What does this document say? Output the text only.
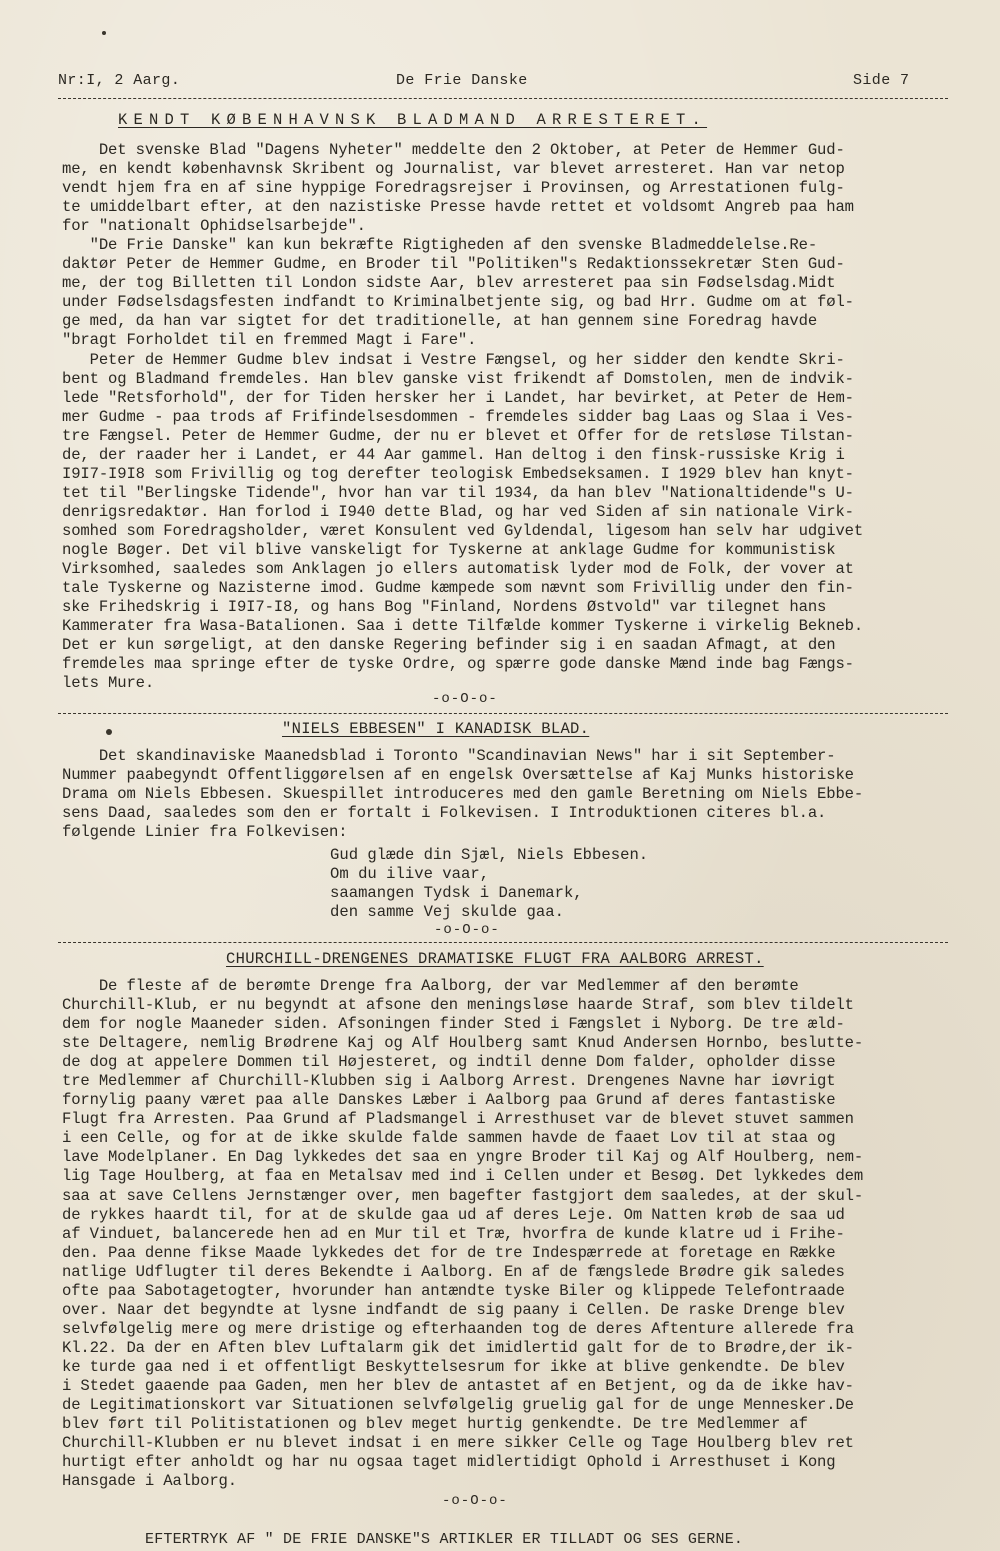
Nr:I, 2 Aarg.	De Frie Danske	Side 7
KENDT KØBENHAVNSK BLADMAND ARRESTERET.
Det svenske Blad "Dagens Nyheter" meddelte den 2 Oktober, at Peter de Hemmer Gud-
me, en kendt københavnsk Skribent og Journalist, var blevet arresteret. Han var netop
vendt hjem fra en af sine hyppige Foredragsrejser i Provinsen, og Arrestationen fulg-
te umiddelbart efter, at den nazistiske Presse havde rettet et voldsomt Angreb paa ham
for "nationalt Ophidselsarbejde".
"De Frie Danske" kan kun bekræfte Rigtigheden af den svenske Bladmeddelelse.Re-
daktør Peter de Hemmer Gudme, en Broder til "Politiken"s Redaktionssekretær Sten Gud-
me, der tog Billetten til London sidste Aar, blev arresteret paa sin Fødselsdag.Midt
under Fødselsdagsfesten indfandt to Kriminalbetjente sig, og bad Hrr. Gudme om at føl-
ge med, da han var sigtet for det traditionelle, at han gennem sine Foredrag havde
"bragt Forholdet til en fremmed Magt i Fare".
Peter de Hemmer Gudme blev indsat i Vestre Fængsel, og her sidder den kendte Skri-
bent og Bladmand fremdeles. Han blev ganske vist frikendt af Domstolen, men de indvik-
lede "Retsforhold", der for Tiden hersker her i Landet, har bevirket, at Peter de Hem-
mer Gudme - paa trods af Frifindelsesdommen - fremdeles sidder bag Laas og Slaa i Ves-
tre Fængsel. Peter de Hemmer Gudme, der nu er blevet et Offer for de retsløse Tilstan-
de, der raader her i Landet, er 44 Aar gammel. Han deltog i den finsk-russiske Krig i
I9I7-I9I8 som Frivillig og tog derefter teologisk Embedseksamen. I 1929 blev han knyt-
tet til "Berlingske Tidende", hvor han var til 1934, da han blev "Nationaltidende"s U-
denrigsredaktør. Han forlod i I940 dette Blad, og har ved Siden af sin nationale Virk-
somhed som Foredragsholder, været Konsulent ved Gyldendal, ligesom han selv har udgivet
nogle Bøger. Det vil blive vanskeligt for Tyskerne at anklage Gudme for kommunistisk
Virksomhed, saaledes som Anklagen jo ellers automatisk lyder mod de Folk, der vover at
tale Tyskerne og Nazisterne imod. Gudme kæmpede som nævnt som Frivillig under den fin-
ske Frihedskrig i I9I7-I8, og hans Bog "Finland, Nordens Østvold" var tilegnet hans
Kammerater fra Wasa-Batalionen. Saa i dette Tilfælde kommer Tyskerne i virkelig Bekneb.
Det er kun sørgeligt, at den danske Regering befinder sig i en saadan Afmagt, at den
fremdeles maa springe efter de tyske Ordre, og spærre gode danske Mænd inde bag Fængs-
lets Mure.
-o-O-o-
"NIELS EBBESEN" I KANADISK BLAD.
Det skandinaviske Maanedsblad i Toronto "Scandinavian News" har i sit September-
Nummer paabegyndt Offentliggørelsen af en engelsk Oversættelse af Kaj Munks historiske
Drama om Niels Ebbesen. Skuespillet introduceres med den gamle Beretning om Niels Ebbe-
sens Daad, saaledes som den er fortalt i Folkevisen. I Introduktionen citeres bl.a.
følgende Linier fra Folkevisen:
Gud glæde din Sjæl, Niels Ebbesen.
Om du ilive vaar,
saamangen Tydsk i Danemark,
den samme Vej skulde gaa.
-o-O-o-
CHURCHILL-DRENGENES DRAMATISKE FLUGT FRA AALBORG ARREST.
De fleste af de berømte Drenge fra Aalborg, der var Medlemmer af den berømte
Churchill-Klub, er nu begyndt at afsone den meningsløse haarde Straf, som blev tildelt
dem for nogle Maaneder siden. Afsoningen finder Sted i Fængslet i Nyborg. De tre æld-
ste Deltagere, nemlig Brødrene Kaj og Alf Houlberg samt Knud Andersen Hornbo, beslutte-
de dog at appelere Dommen til Højesteret, og indtil denne Dom falder, opholder disse
tre Medlemmer af Churchill-Klubben sig i Aalborg Arrest. Drengenes Navne har iøvrigt
fornylig paany været paa alle Danskes Læber i Aalborg paa Grund af deres fantastiske
Flugt fra Arresten. Paa Grund af Pladsmangel i Arresthuset var de blevet stuvet sammen
i een Celle, og for at de ikke skulde falde sammen havde de faaet Lov til at staa og
lave Modelplaner. En Dag lykkedes det saa en yngre Broder til Kaj og Alf Houlberg, nem-
lig Tage Houlberg, at faa en Metalsav med ind i Cellen under et Besøg. Det lykkedes dem
saa at save Cellens Jernstænger over, men bagefter fastgjort dem saaledes, at der skul-
de rykkes haardt til, for at de skulde gaa ud af deres Leje. Om Natten krøb de saa ud
af Vinduet, balancerede hen ad en Mur til et Træ, hvorfra de kunde klatre ud i Frihe-
den. Paa denne fikse Maade lykkedes det for de tre Indespærrede at foretage en Række
natlige Udflugter til deres Bekendte i Aalborg. En af de fængslede Brødre gik saledes
ofte paa Sabotagetogter, hvorunder han antændte tyske Biler og klippede Telefontraade
over. Naar det begyndte at lysne indfandt de sig paany i Cellen. De raske Drenge blev
selvfølgelig mere og mere dristige og efterhaanden tog de deres Aftenture allerede fra
Kl.22. Da der en Aften blev Luftalarm gik det imidlertid galt for de to Brødre,der ik-
ke turde gaa ned i et offentligt Beskyttelsesrum for ikke at blive genkendte. De blev
i Stedet gaaende paa Gaden, men her blev de antastet af en Betjent, og da de ikke hav-
de Legitimationskort var Situationen selvfølgelig gruelig gal for de unge Mennesker.De
blev ført til Politistationen og blev meget hurtig genkendte. De tre Medlemmer af
Churchill-Klubben er nu blevet indsat i en mere sikker Celle og Tage Houlberg blev ret
hurtigt efter anholdt og har nu ogsaa taget midlertidigt Ophold i Arresthuset i Kong
Hansgade i Aalborg.
-o-O-o-
EFTERTRYK AF " DE FRIE DANSKE"S ARTIKLER ER TILLADT OG SES GERNE.
